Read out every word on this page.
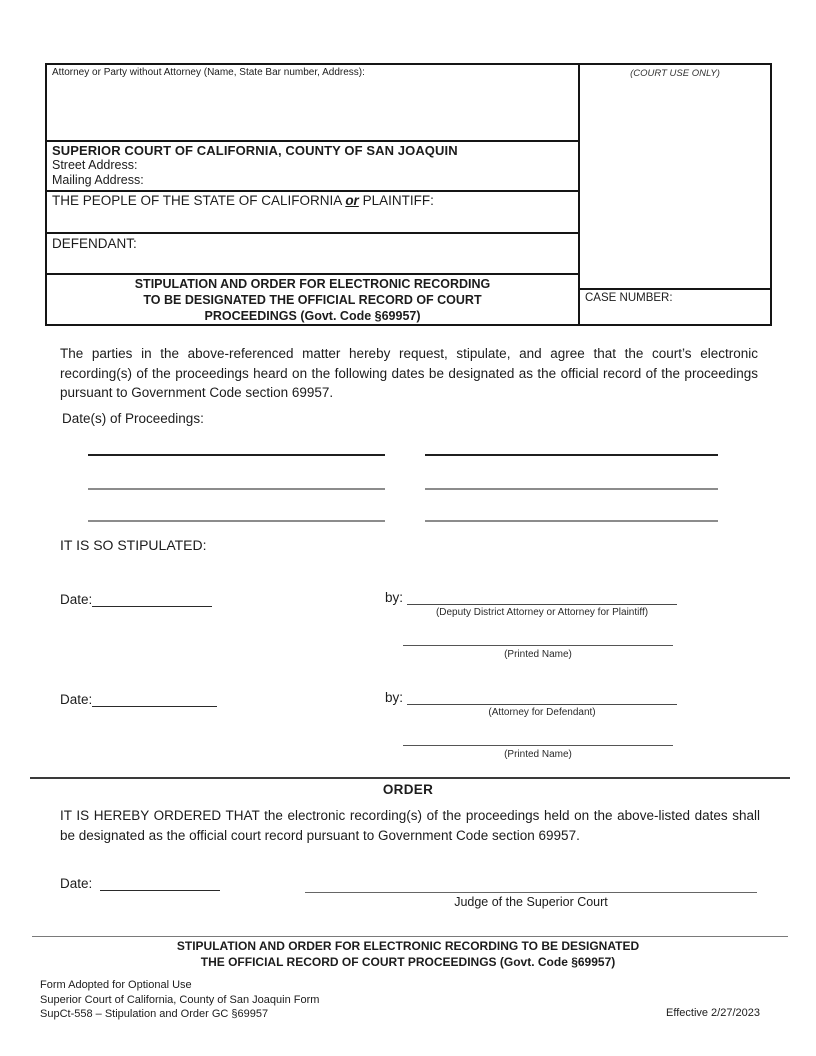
Attorney or Party without Attorney (Name, State Bar number, Address):
SUPERIOR COURT OF CALIFORNIA, COUNTY OF SAN JOAQUIN
Street Address:
Mailing Address:
THE PEOPLE OF THE STATE OF CALIFORNIA or PLAINTIFF:
DEFENDANT:
STIPULATION AND ORDER FOR ELECTRONIC RECORDING
TO BE DESIGNATED THE OFFICIAL RECORD OF COURT
PROCEEDINGS (Govt. Code §69957)
(COURT USE ONLY)
CASE NUMBER:
The parties in the above-referenced matter hereby request, stipulate, and agree that the court’s electronic recording(s) of the proceedings heard on the following dates be designated as the official record of the proceedings pursuant to Government Code section 69957.
Date(s) of Proceedings:
IT IS SO STIPULATED:
Date:	by:
(Deputy District Attorney or Attorney for Plaintiff)
(Printed Name)
Date:	by:
(Attorney for Defendant)
(Printed Name)
ORDER
IT IS HEREBY ORDERED THAT the electronic recording(s) of the proceedings held on the above-listed dates shall be designated as the official court record pursuant to Government Code section 69957.
Date:
Judge of the Superior Court
STIPULATION AND ORDER FOR ELECTRONIC RECORDING TO BE DESIGNATED
THE OFFICIAL RECORD OF COURT PROCEEDINGS (Govt. Code §69957)
Form Adopted for Optional Use
Superior Court of California, County of San Joaquin Form
SupCt-558 – Stipulation and Order GC §69957	Effective 2/27/2023
